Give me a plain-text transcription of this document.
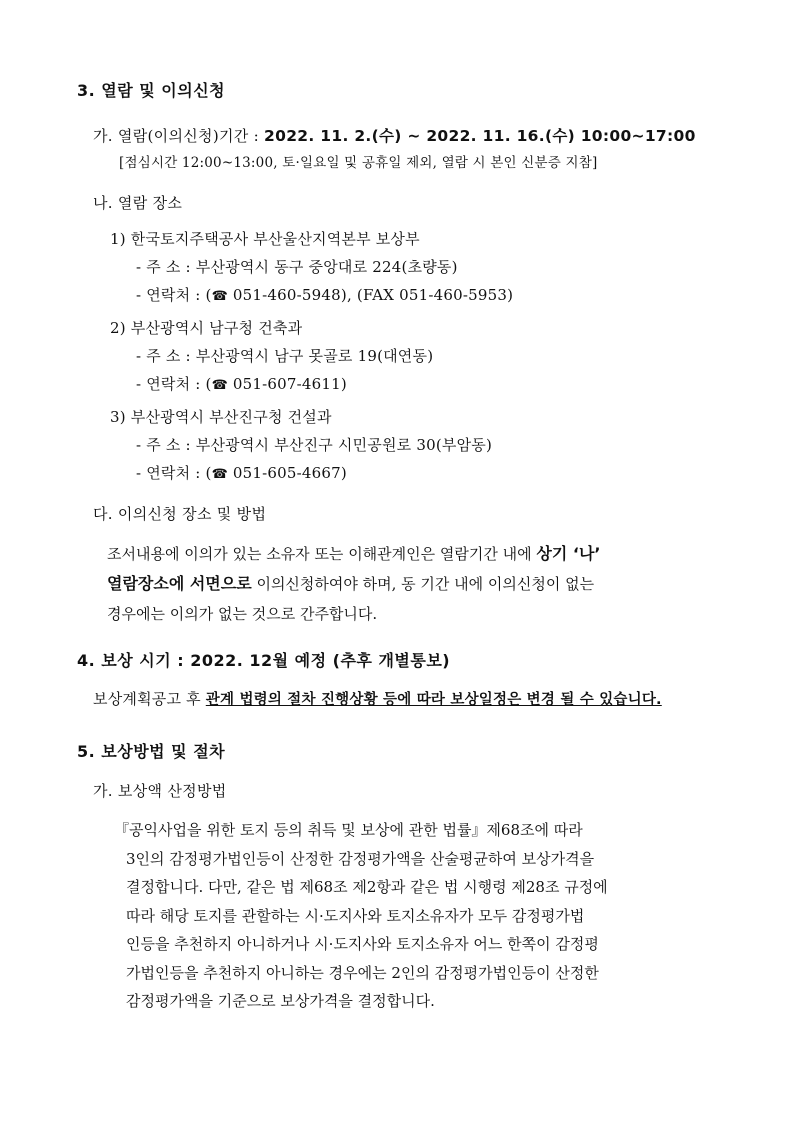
3. 열람 및 이의신청
가. 열람(이의신청)기간 : 2022. 11. 2.(수) ~ 2022. 11. 16.(수) 10:00~17:00
[점심시간 12:00~13:00, 토·일요일 및 공휴일 제외, 열람 시 본인 신분증 지참]
나. 열람 장소
1) 한국토지주택공사 부산울산지역본부 보상부
- 주 소 : 부산광역시 동구 중앙대로 224(초량동)
- 연락처 : (☎ 051-460-5948), (FAX 051-460-5953)
2) 부산광역시 남구청 건축과
- 주 소 : 부산광역시 남구 못골로 19(대연동)
- 연락처 : (☎ 051-607-4611)
3) 부산광역시 부산진구청 건설과
- 주 소 : 부산광역시 부산진구 시민공원로 30(부암동)
- 연락처 : (☎ 051-605-4667)
다. 이의신청 장소 및 방법
조서내용에 이의가 있는 소유자 또는 이해관계인은 열람기간 내에 상기 ‘나’
열람장소에 서면으로 이의신청하여야 하며, 동 기간 내에 이의신청이 없는
경우에는 이의가 없는 것으로 간주합니다.
4. 보상 시기 : 2022. 12월 예정 (추후 개별통보)
보상계획공고 후 관계 법령의 절차 진행상황 등에 따라 보상일정은 변경 될 수 있습니다.
5. 보상방법 및 절차
가. 보상액 산정방법
『공익사업을 위한 토지 등의 취득 및 보상에 관한 법률』제68조에 따라
3인의 감정평가법인등이 산정한 감정평가액을 산술평균하여 보상가격을
결정합니다. 다만, 같은 법 제68조 제2항과 같은 법 시행령 제28조 규정에
따라 해당 토지를 관할하는 시·도지사와 토지소유자가 모두 감정평가법
인등을 추천하지 아니하거나 시·도지사와 토지소유자 어느 한쪽이 감정평
가법인등을 추천하지 아니하는 경우에는 2인의 감정평가법인등이 산정한
감정평가액을 기준으로 보상가격을 결정합니다.
